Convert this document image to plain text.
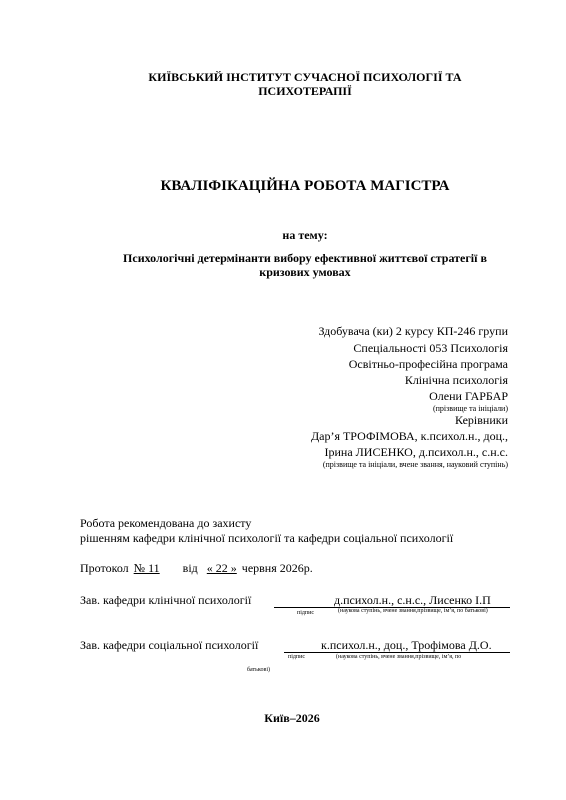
КИЇВСЬКИЙ ІНСТИТУТ СУЧАСНОЇ ПСИХОЛОГІЇ ТА
ПСИХОТЕРАПІЇ
КВАЛІФІКАЦІЙНА РОБОТА МАГІСТРА
на тему:
Психологічні детермінанти вибору ефективної життєвої стратегії в
кризових умовах
Здобувача (ки) 2 курсу КП-246 групи
Спеціальності 053 Психологія
Освітньо-професійна програма
Клінічна психологія
Олени ГАРБАР
(прізвище та ініціали)
Керівники
Дар’я ТРОФІМОВА, к.психол.н., доц.,
Ірина ЛИСЕНКО, д.психол.н., с.н.с.
(прізвище та ініціали, вчене звання, науковий ступінь)
Робота рекомендована до захисту
рішенням кафедри клінічної психології та кафедри соціальної психології
Протокол № 11 від « 22 » червня 2026р.
Зав. кафедри клінічної психології	д.психол.н., с.н.с., Лисенко І.П
підпис	(наукова ступінь, вчене звання,прізвище, ім’я, по батькові)
Зав. кафедри соціальної психології	к.психол.н., доц., Трофімова Д.О.
підпис	(наукова ступінь, вчене звання,прізвище, ім’я, по
батькові)
Київ–2026
